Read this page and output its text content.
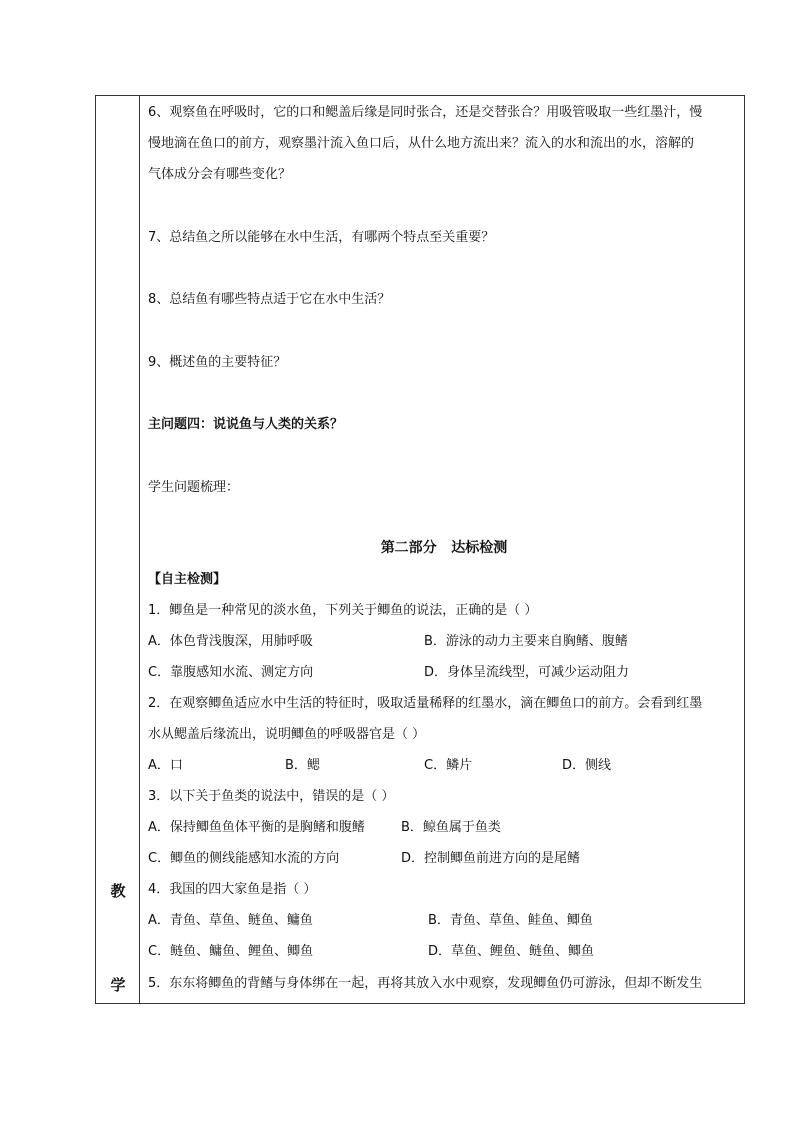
教
学
6、观察鱼在呼吸时，它的口和鳃盖后缘是同时张合，还是交替张合？用吸管吸取一些红墨汁，慢
慢地滴在鱼口的前方，观察墨汁流入鱼口后，从什么地方流出来？流入的水和流出的水，溶解的
气体成分会有哪些变化？
7、总结鱼之所以能够在水中生活，有哪两个特点至关重要？
8、总结鱼有哪些特点适于它在水中生活？
9、概述鱼的主要特征？
主问题四：说说鱼与人类的关系？
学生问题梳理：
第二部分   达标检测
【自主检测】
1．鲫鱼是一种常见的淡水鱼，下列关于鲫鱼的说法，正确的是（ ）
A．体色背浅腹深，用肺呼吸	B．游泳的动力主要来自胸鳍、腹鳍
C．靠腹感知水流、测定方向	D．身体呈流线型，可减少运动阻力
2．在观察鲫鱼适应水中生活的特征时，吸取适量稀释的红墨水，滴在鲫鱼口的前方。会看到红墨
水从鳃盖后缘流出，说明鲫鱼的呼吸器官是（ ）
A．口	B．鳃	C．鳞片	D．侧线
3．以下关于鱼类的说法中，错误的是（ ）
A．保持鲫鱼鱼体平衡的是胸鳍和腹鳍	B．鲸鱼属于鱼类
C．鲫鱼的侧线能感知水流的方向	D．控制鲫鱼前进方向的是尾鳍
4．我国的四大家鱼是指（ ）
A．青鱼、草鱼、鲢鱼、鳙鱼	B．青鱼、草鱼、鲑鱼、鲫鱼
C．鲢鱼、鳙鱼、鲤鱼、鲫鱼	D．草鱼、鲤鱼、鲢鱼、鲫鱼
5．东东将鲫鱼的背鳍与身体绑在一起，再将其放入水中观察，发现鲫鱼仍可游泳，但却不断发生
